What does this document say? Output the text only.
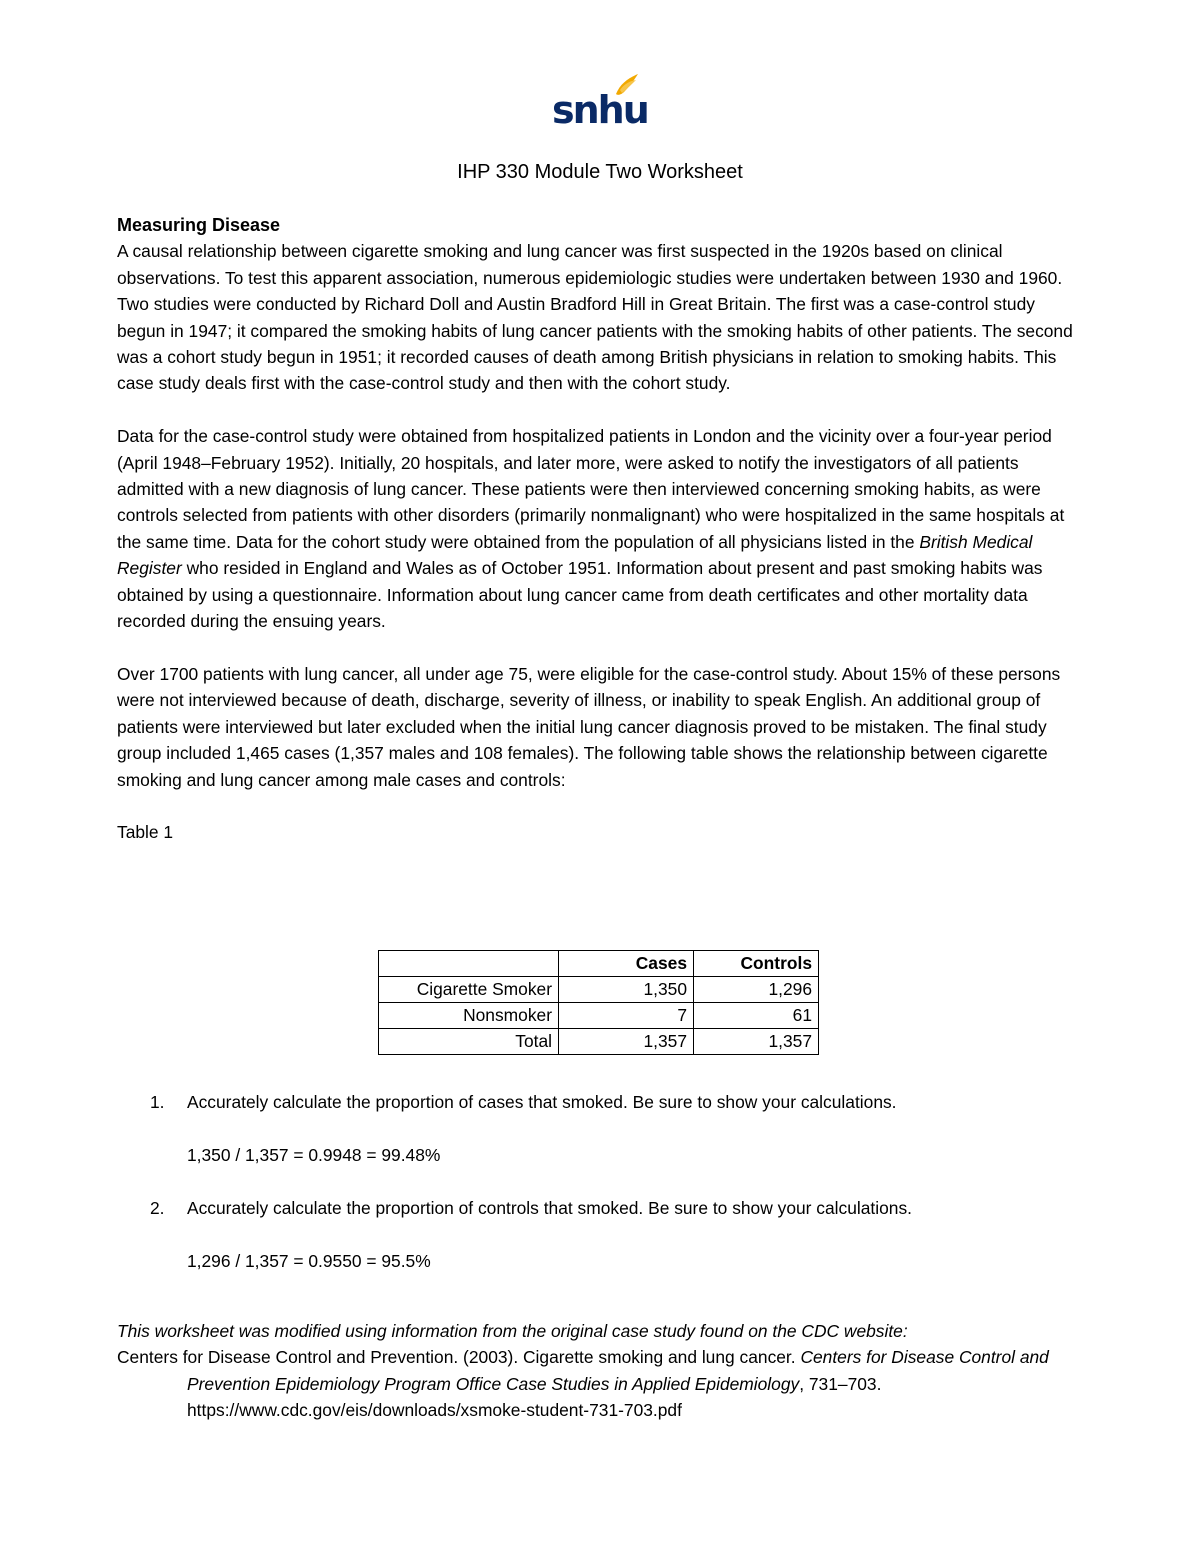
snhu
IHP 330 Module Two Worksheet

Measuring Disease

A causal relationship between cigarette smoking and lung cancer was first suspected in the 1920s based on clinical observations. To test this apparent association, numerous epidemiologic studies were undertaken between 1930 and 1960. Two studies were conducted by Richard Doll and Austin Bradford Hill in Great Britain. The first was a case-control study begun in 1947; it compared the smoking habits of lung cancer patients with the smoking habits of other patients. The second was a cohort study begun in 1951; it recorded causes of death among British physicians in relation to smoking habits. This case study deals first with the case-control study and then with the cohort study.

Data for the case-control study were obtained from hospitalized patients in London and the vicinity over a four-year period (April 1948–February 1952). Initially, 20 hospitals, and later more, were asked to notify the investigators of all patients admitted with a new diagnosis of lung cancer. These patients were then interviewed concerning smoking habits, as were controls selected from patients with other disorders (primarily nonmalignant) who were hospitalized in the same hospitals at the same time. Data for the cohort study were obtained from the population of all physicians listed in the British Medical Register who resided in England and Wales as of October 1951. Information about present and past smoking habits was obtained by using a questionnaire. Information about lung cancer came from death certificates and other mortality data recorded during the ensuing years.

Over 1700 patients with lung cancer, all under age 75, were eligible for the case-control study. About 15% of these persons were not interviewed because of death, discharge, severity of illness, or inability to speak English. An additional group of patients were interviewed but later excluded when the initial lung cancer diagnosis proved to be mistaken. The final study group included 1,465 cases (1,357 males and 108 females). The following table shows the relationship between cigarette smoking and lung cancer among male cases and controls:

Table 1

	Cases	Controls
Cigarette Smoker	1,350	1,296
Nonsmoker	7	61
Total	1,357	1,357
1. Accurately calculate the proportion of cases that smoked. Be sure to show your calculations.
1,350 / 1,357 = 0.9948 = 99.48%
2. Accurately calculate the proportion of controls that smoked. Be sure to show your calculations.
1,296 / 1,357 = 0.9550 = 95.5%

This worksheet was modified using information from the original case study found on the CDC website:

Centers for Disease Control and Prevention. (2003). Cigarette smoking and lung cancer. Centers for Disease Control and Prevention Epidemiology Program Office Case Studies in Applied Epidemiology, 731–703.
https://www.cdc.gov/eis/downloads/xsmoke-student-731-703.pdf
